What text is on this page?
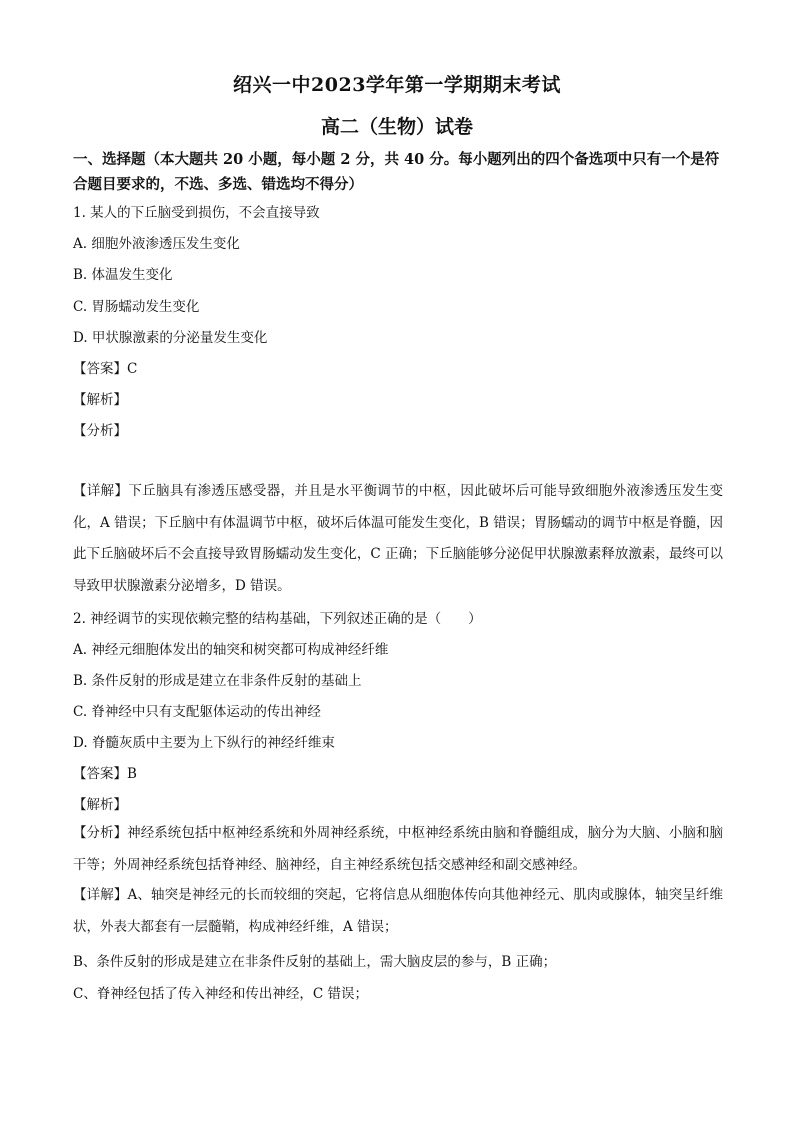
绍兴一中2023学年第一学期期末考试
高二（生物）试卷
一、选择题（本大题共 20 小题，每小题 2 分，共 40 分。每小题列出的四个备选项中只有一个是符合题目要求的，不选、多选、错选均不得分）
1. 某人的下丘脑受到损伤，不会直接导致
A. 细胞外液渗透压发生变化
B. 体温发生变化
C. 胃肠蠕动发生变化
D. 甲状腺激素的分泌量发生变化
【答案】C
【解析】
【分析】
【详解】下丘脑具有渗透压感受器，并且是水平衡调节的中枢，因此破坏后可能导致细胞外液渗透压发生变化，A 错误；下丘脑中有体温调节中枢，破坏后体温可能发生变化，B 错误；胃肠蠕动的调节中枢是脊髓，因此下丘脑破坏后不会直接导致胃肠蠕动发生变化，C 正确；下丘脑能够分泌促甲状腺激素释放激素，最终可以导致甲状腺激素分泌增多，D 错误。
2. 神经调节的实现依赖完整的结构基础，下列叙述正确的是（　　）
A. 神经元细胞体发出的轴突和树突都可构成神经纤维
B. 条件反射的形成是建立在非条件反射的基础上
C. 脊神经中只有支配躯体运动的传出神经
D. 脊髓灰质中主要为上下纵行的神经纤维束
【答案】B
【解析】
【分析】神经系统包括中枢神经系统和外周神经系统，中枢神经系统由脑和脊髓组成，脑分为大脑、小脑和脑干等；外周神经系统包括脊神经、脑神经，自主神经系统包括交感神经和副交感神经。
【详解】A、轴突是神经元的长而较细的突起，它将信息从细胞体传向其他神经元、肌肉或腺体，轴突呈纤维状，外表大都套有一层髓鞘，构成神经纤维，A 错误；
B、条件反射的形成是建立在非条件反射的基础上，需大脑皮层的参与，B 正确；
C、脊神经包括了传入神经和传出神经，C 错误；
